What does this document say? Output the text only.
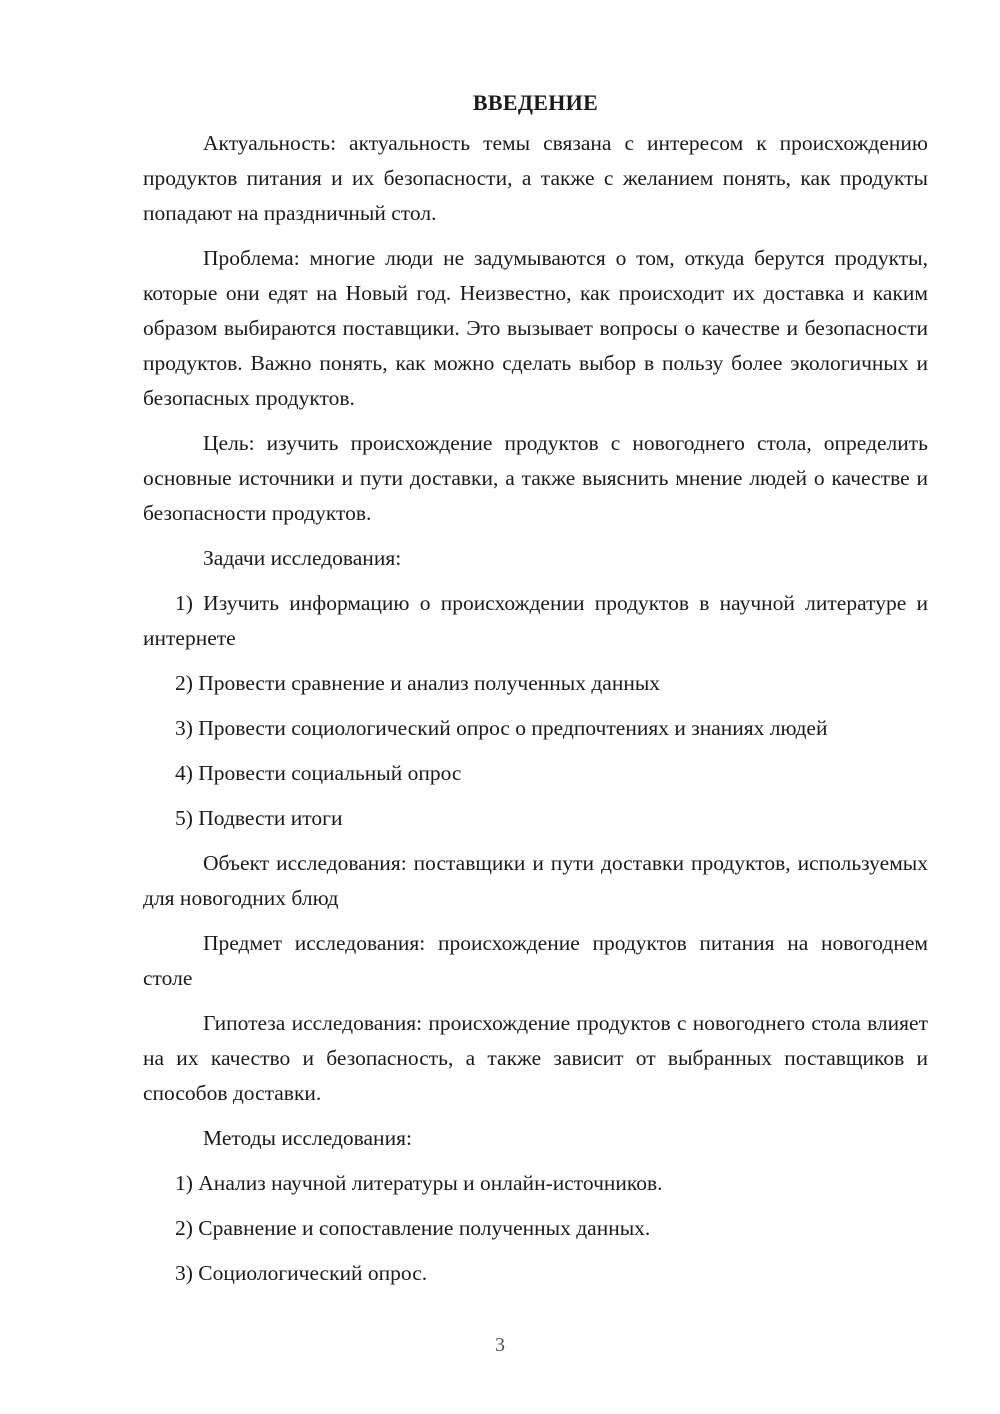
ВВЕДЕНИЕ

Актуальность: актуальность темы связана с интересом к происхождению продуктов питания и их безопасности, а также с желанием понять, как продукты попадают на праздничный стол.

Проблема: многие люди не задумываются о том, откуда берутся продукты, которые они едят на Новый год. Неизвестно, как происходит их доставка и каким образом выбираются поставщики. Это вызывает вопросы о качестве и безопасности продуктов. Важно понять, как можно сделать выбор в пользу более экологичных и безопасных продуктов.

Цель: изучить происхождение продуктов с новогоднего стола, определить основные источники и пути доставки, а также выяснить мнение людей о качестве и безопасности продуктов.

Задачи исследования:

1) Изучить информацию о происхождении продуктов в научной литературе и интернете

2) Провести сравнение и анализ полученных данных

3) Провести социологический опрос о предпочтениях и знаниях людей

4) Провести социальный опрос

5) Подвести итоги

Объект исследования: поставщики и пути доставки продуктов, используемых для новогодних блюд

Предмет исследования: происхождение продуктов питания на новогоднем столе

Гипотеза исследования: происхождение продуктов с новогоднего стола влияет на их качество и безопасность, а также зависит от выбранных поставщиков и способов доставки.

Методы исследования:

1) Анализ научной литературы и онлайн-источников.

2) Сравнение и сопоставление полученных данных.

3) Социологический опрос.

3
